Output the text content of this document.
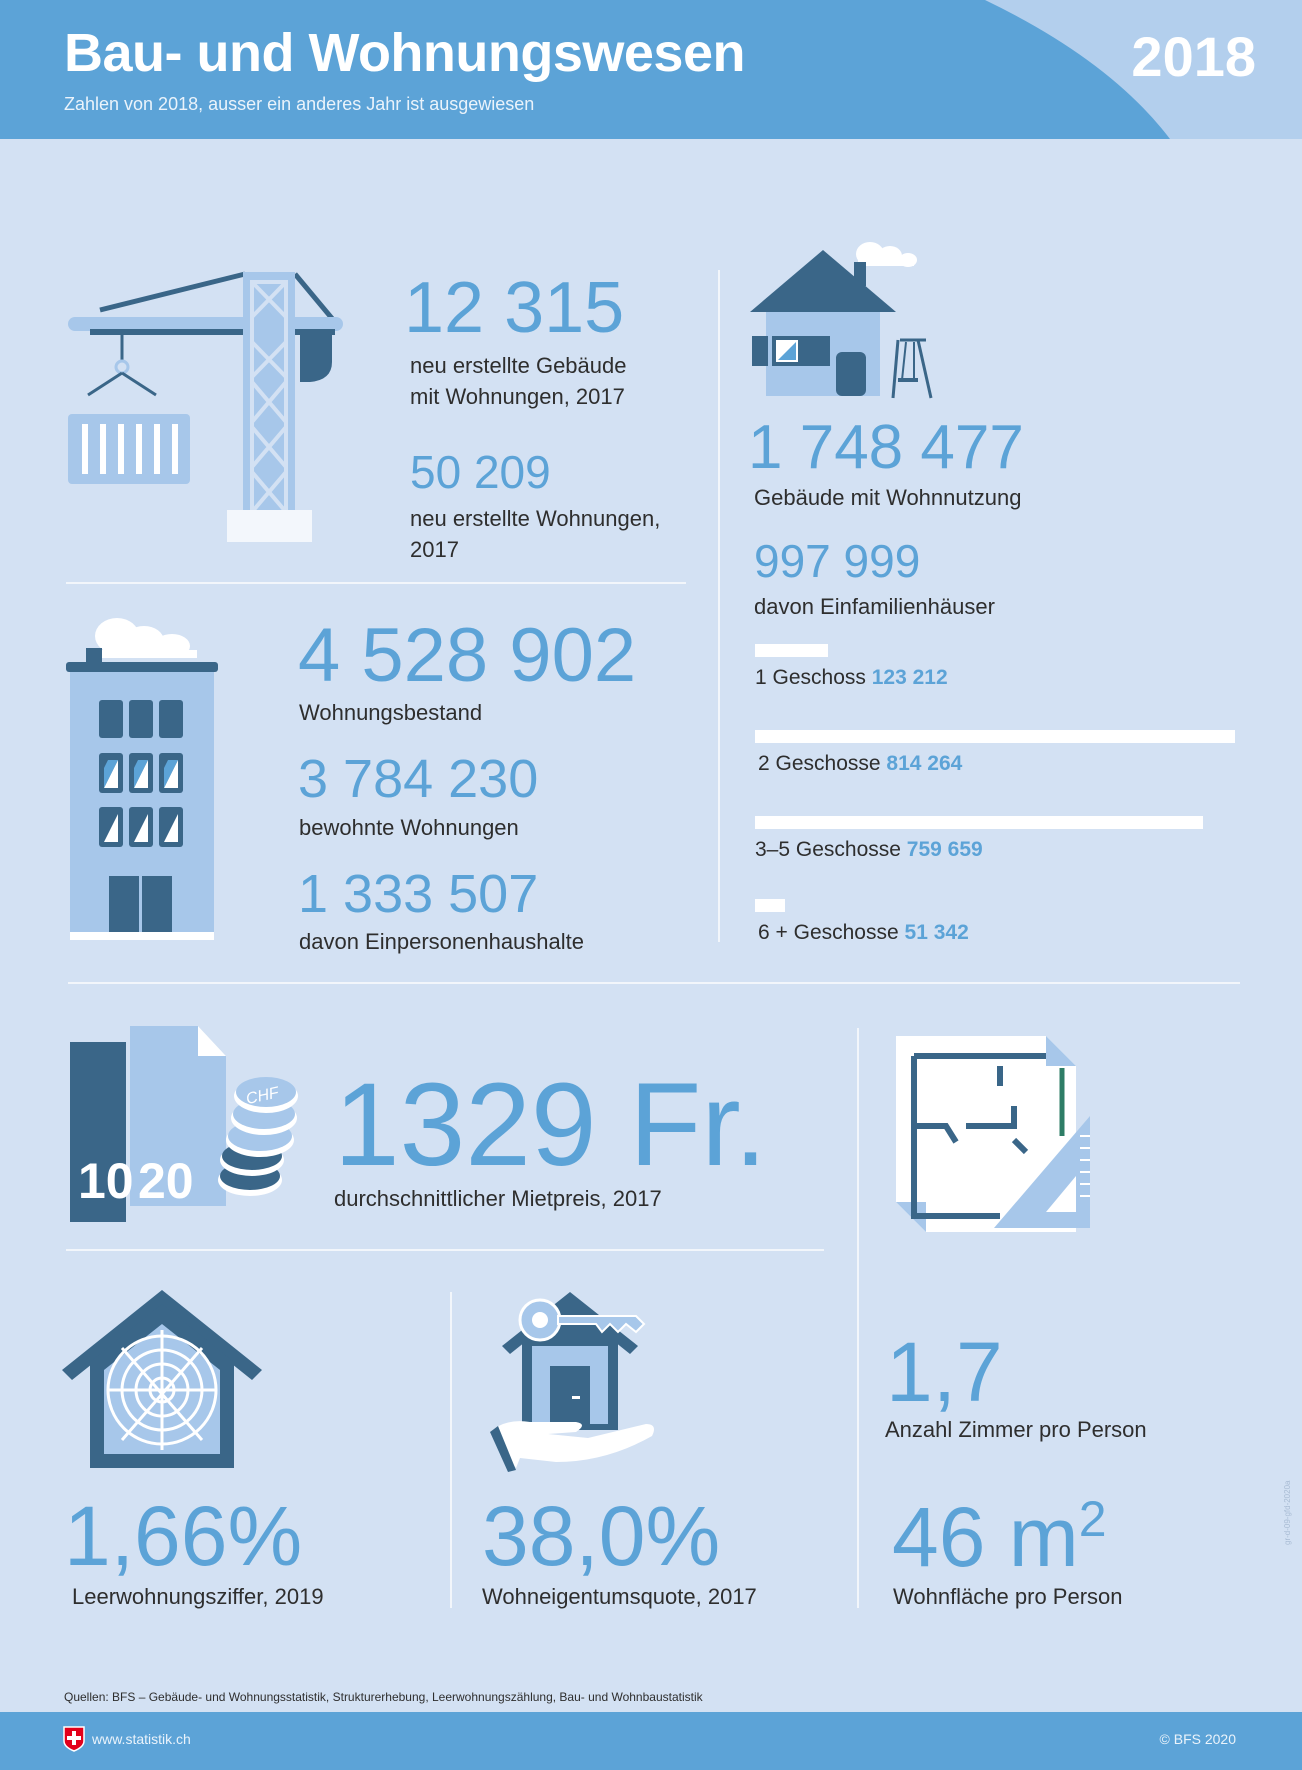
Bau- und Wohnungswesen
Zahlen von 2018, ausser ein anderes Jahr ist ausgewiesen
2018
12 315
neu erstellte Gebäude
mit Wohnungen, 2017
50 209
neu erstellte Wohnungen,
2017
4 528 902
Wohnungsbestand
3 784 230
bewohnte Wohnungen
1 333 507
davon Einpersonenhaushalte
1 748 477
Gebäude mit Wohnnutzung
997 999
davon Einfamilienhäuser
1 Geschoss 123 212
2 Geschosse 814 264
3–5 Geschosse 759 659
6 + Geschosse 51 342
10 20
CHF 1329 Fr.
durchschnittlicher Mietpreis, 2017
1,66%
Leerwohnungsziffer, 2019
38,0%
Wohneigentumsquote, 2017
1,7
Anzahl Zimmer pro Person
46 $m^2$
Wohnfläche pro Person
gr-d-09-gfd-2020a
Quellen: BFS – Gebäude- und Wohnungsstatistik, Strukturerhebung, Leerwohnungszählung, Bau- und Wohnbaustatistik
www.statistik.ch	© BFS 2020
